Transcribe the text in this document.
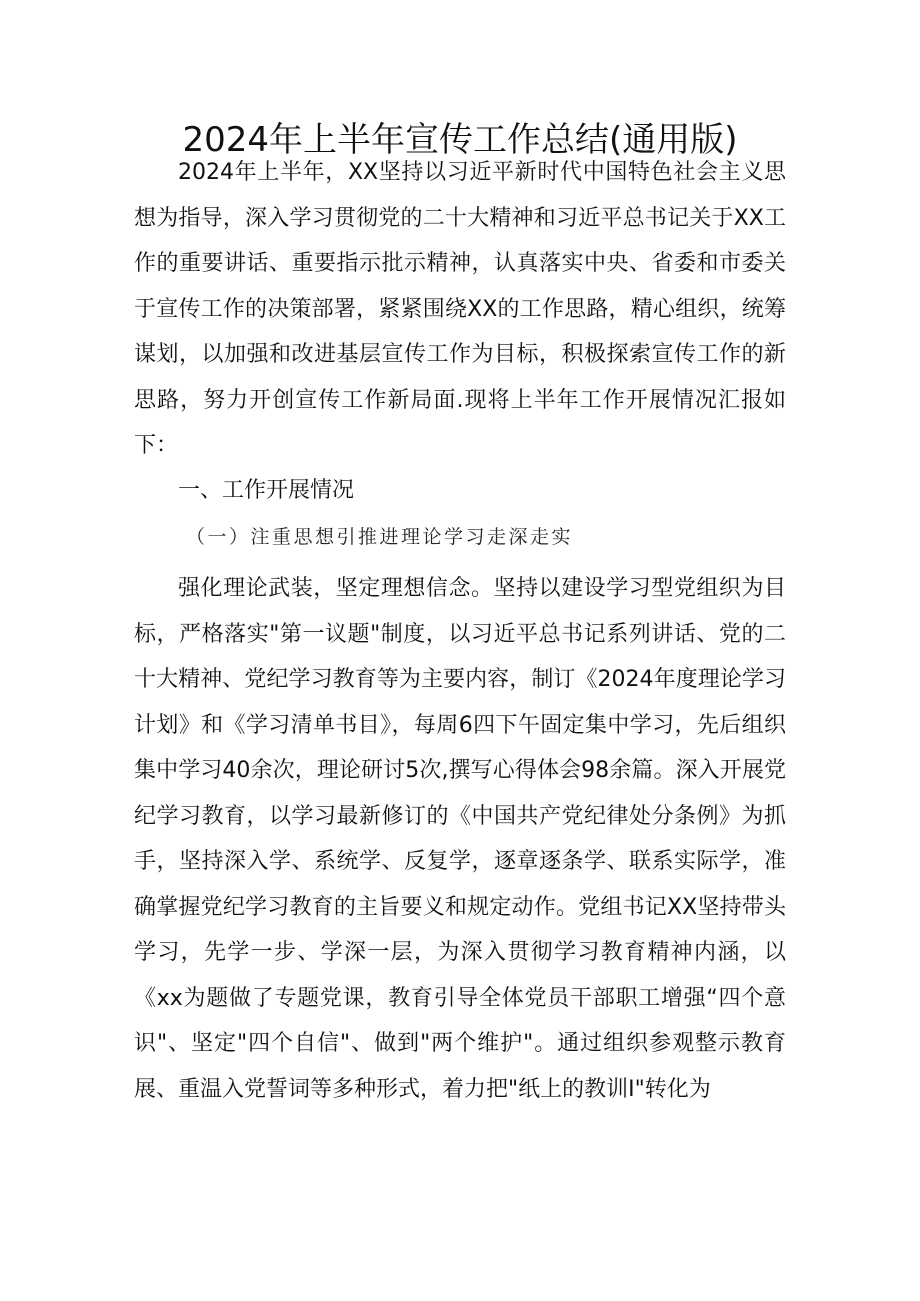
2024年上半年宣传工作总结(通用版)

2024年上半年，XX坚持以习近平新时代中国特色社会主义思想为指导，深入学习贯彻党的二十大精神和习近平总书记关于XX工作的重要讲话、重要指示批示精神，认真落实中央、省委和市委关于宣传工作的决策部署，紧紧围绕XX的工作思路，精心组织，统筹谋划，以加强和改进基层宣传工作为目标，积极探索宣传工作的新思路，努力开创宣传工作新局面.现将上半年工作开展情况汇报如下：

一、工作开展情况
（一）注重思想引推进理论学习走深走实

强化理论武装，坚定理想信念。坚持以建设学习型党组织为目标，严格落实"第一议题"制度，以习近平总书记系列讲话、党的二十大精神、党纪学习教育等为主要内容，制订《2024年度理论学习计划》和《学习清单书目》，每周6四下午固定集中学习，先后组织集中学习40余次，理论研讨5次,撰写心得体会98余篇。深入开展党纪学习教育，以学习最新修订的《中国共产党纪律处分条例》为抓手，坚持深入学、系统学、反复学，逐章逐条学、联系实际学，准确掌握党纪学习教育的主旨要义和规定动作。党组书记XX坚持带头学习，先学一步、学深一层，为深入贯彻学习教育精神内涵，以《xx为题做了专题党课，教育引导全体党员干部职工增强“四个意识"、坚定"四个自信"、做到"两个维护"。通过组织参观整示教育展、重温入党誓词等多种形式，着力把"纸上的教训I"转化为
